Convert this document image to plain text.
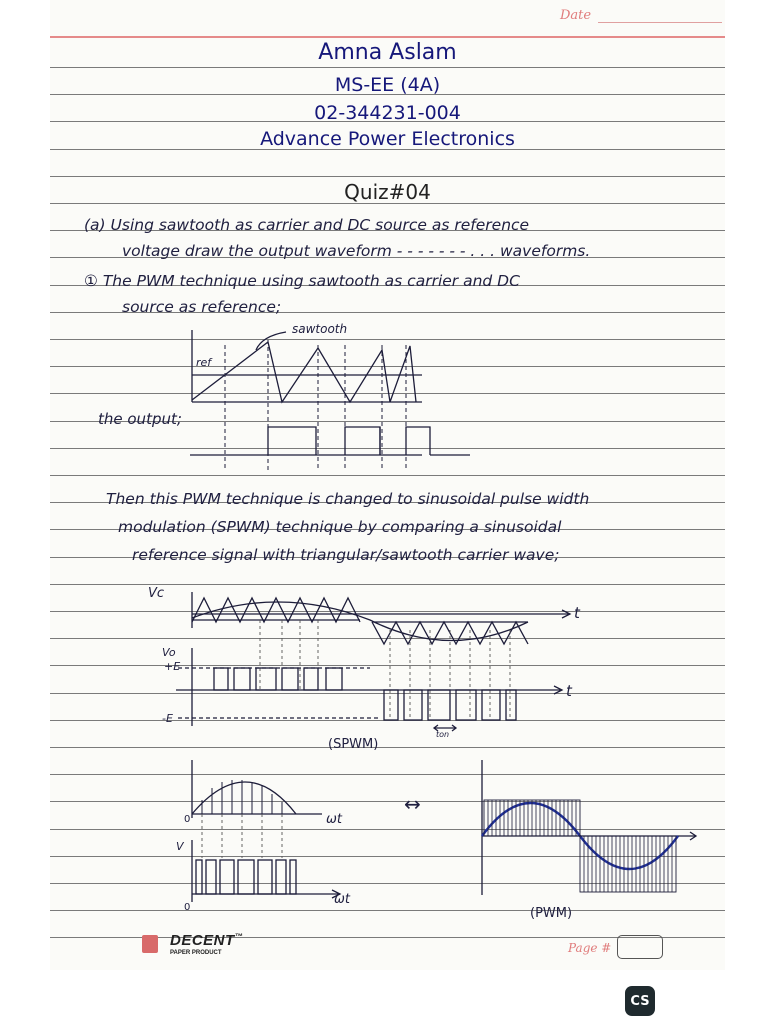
Date
Amna Aslam
MS-EE (4A)
02-344231-004
Advance Power Electronics
Quiz#04
(a) Using sawtooth as carrier and DC source as reference
voltage draw the output waveform - - - - - - - . . . waveforms.
① The PWM technique using sawtooth as carrier and DC
source as reference;
sawtooth
ref
the output;
Then this PWM technique is changed to sinusoidal pulse width
modulation (SPWM) technique by comparing a sinusoidal
reference signal with triangular/sawtooth carrier wave;
Vc
t
t
Vo
+E
-E
ton
(SPWM)
0	ωt
V
0
ωt
↔
(PWM)
DECENT™
PAPER PRODUCT	Page #
CS
